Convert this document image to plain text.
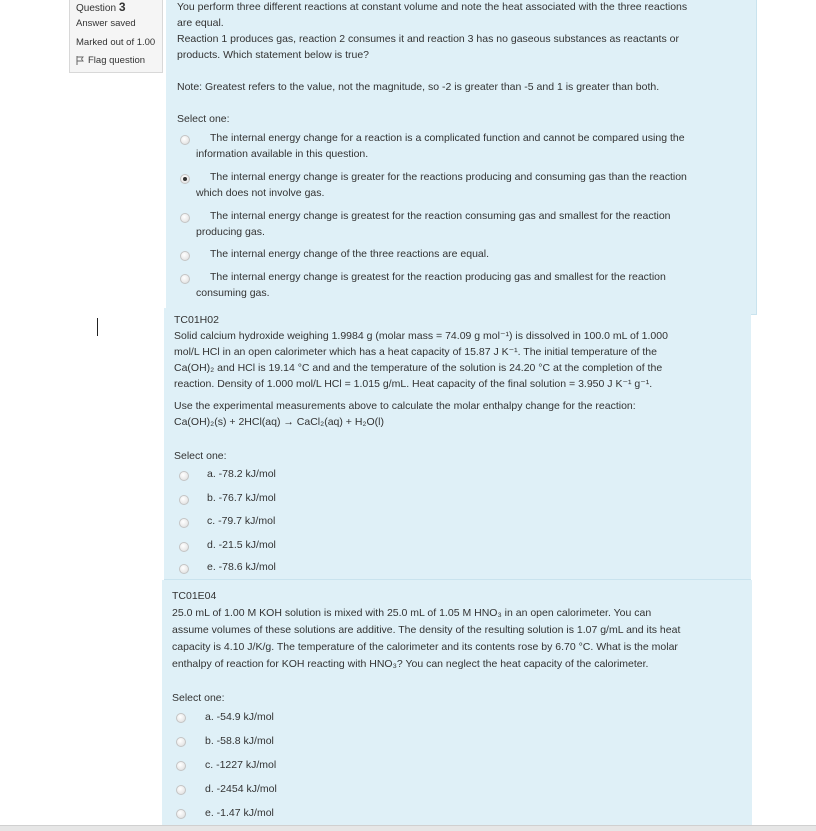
Question 3
Answer saved
Marked out of 1.00
Flag question
You perform three different reactions at constant volume and note the heat associated with the three reactions
are equal.
Reaction 1 produces gas, reaction 2 consumes it and reaction 3 has no gaseous substances as reactants or
products. Which statement below is true?
Note: Greatest refers to the value, not the magnitude, so -2 is greater than -5 and 1 is greater than both.
Select one:
The internal energy change for a reaction is a complicated function and cannot be compared using the
information available in this question.
The internal energy change is greater for the reactions producing and consuming gas than the reaction
which does not involve gas.
The internal energy change is greatest for the reaction consuming gas and smallest for the reaction
producing gas.
The internal energy change of the three reactions are equal.
The internal energy change is greatest for the reaction producing gas and smallest for the reaction
consuming gas.
TC01H02
Solid calcium hydroxide weighing 1.9984 g (molar mass = 74.09 g mol⁻¹) is dissolved in 100.0 mL of 1.000
mol/L HCl in an open calorimeter which has a heat capacity of 15.87 J K⁻¹. The initial temperature of the
Ca(OH)₂ and HCl is 19.14 °C and and the temperature of the solution is 24.20 °C at the completion of the
reaction. Density of 1.000 mol/L HCl = 1.015 g/mL. Heat capacity of the final solution = 3.950 J K⁻¹ g⁻¹.
Use the experimental measurements above to calculate the molar enthalpy change for the reaction:
Ca(OH)₂(s) + 2HCl(aq) → CaCl₂(aq) + H₂O(l)
Select one:
a. -78.2 kJ/mol
b. -76.7 kJ/mol
c. -79.7 kJ/mol
d. -21.5 kJ/mol
e. -78.6 kJ/mol
TC01E04
25.0 mL of 1.00 M KOH solution is mixed with 25.0 mL of 1.05 M HNO₃ in an open calorimeter. You can
assume volumes of these solutions are additive. The density of the resulting solution is 1.07 g/mL and its heat
capacity is 4.10 J/K/g. The temperature of the calorimeter and its contents rose by 6.70 °C. What is the molar
enthalpy of reaction for KOH reacting with HNO₃? You can neglect the heat capacity of the calorimeter.
Select one:
a. -54.9 kJ/mol
b. -58.8 kJ/mol
c. -1227 kJ/mol
d. -2454 kJ/mol
e. -1.47 kJ/mol
